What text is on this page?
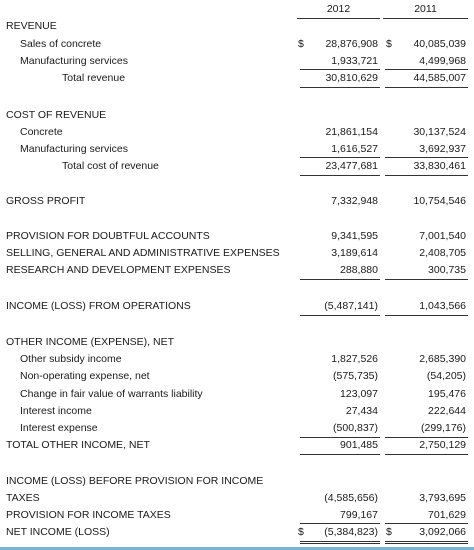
2012	2011
REVENUE
Sales of concrete	$	28,876,908 $	40,085,039
Manufacturing services	1,933,721	4,499,968
Total revenue	30,810,629	44,585,007
COST OF REVENUE
Concrete	21,861,154	30,137,524
Manufacturing services	1,616,527	3,692,937
Total cost of revenue	23,477,681	33,830,461
GROSS PROFIT	7,332,948	10,754,546
PROVISION FOR DOUBTFUL ACCOUNTS	9,341,595	7,001,540
SELLING, GENERAL AND ADMINISTRATIVE EXPENSES	3,189,614	2,408,705
RESEARCH AND DEVELOPMENT EXPENSES	288,880	300,735
INCOME (LOSS) FROM OPERATIONS	(5,487,141)	1,043,566
OTHER INCOME (EXPENSE), NET
Other subsidy income	1,827,526	2,685,390
Non-operating expense, net	(575,735)	(54,205)
Change in fair value of warrants liability	123,097	195,476
Interest income	27,434	222,644
Interest expense	(500,837)	(299,176)
TOTAL OTHER INCOME, NET	901,485	2,750,129
INCOME (LOSS) BEFORE PROVISION FOR INCOME
TAXES	(4,585,656)	3,793,695
PROVISION FOR INCOME TAXES	799,167	701,629
NET INCOME (LOSS)	$	(5,384,823) $	3,092,066
